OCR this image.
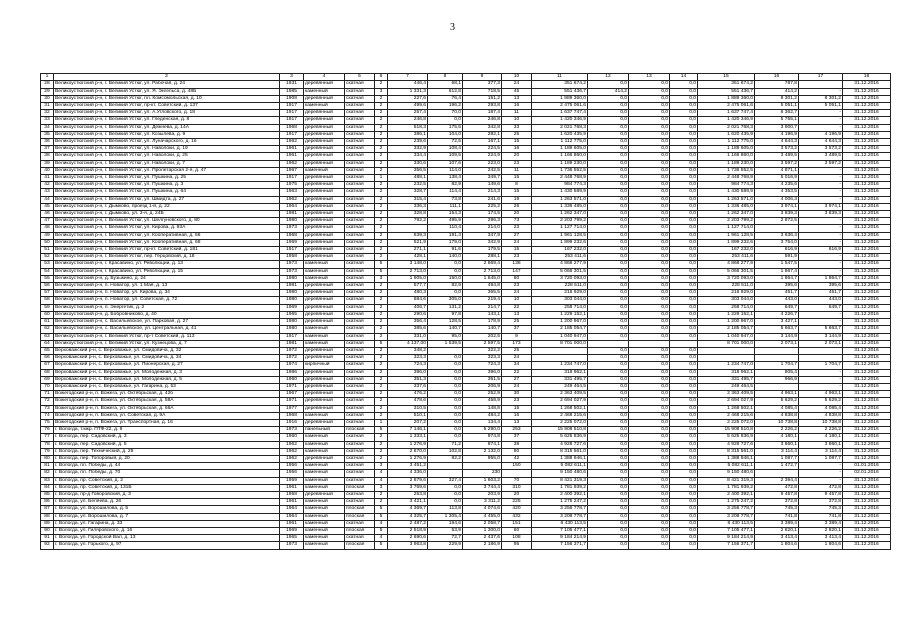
3
1	2	3	4	5	6	7	8	9	10	11	12	13	14	15	16	17	18
28	Великоустюгский р-н, г. Великий Устюг, ул. Рабочая, д. 24	1931	деревянный	скатная	2	446,4	68,1	377,3	24	351 674,2	0,0	0,0	0,0	351 674,2	787,8		31.12.2016
29	Великоустюгский р-н, г. Великий Устюг, ул. Я. Энгельса, д. 48Б	1985	каменный	скатная	3	1 331,3	612,8	718,5	45	551 436,7	414,2	0,0	0,0	551 436,7	414,2	-	31.12.2016
30	Великоустюгский р-н, г. Великий Устюг, пл. Комсомольская, д. 10	1908	деревянный	скатная	2	227,6	76,4	151,2	13	1 889 360,0	0,0	0,0	0,0	1 889 360,0	8 301,2	8 301,2	31.12.2016
31	Великоустюгский р-н, г. Великий Устюг, пр-кт. Советский, д. 137	1917	каменный	скатная	2	499,6	196,2	293,8	16	2 475 061,6	0,0	0,0	0,0	2 475 061,6	5 051,1	5 051,1	31.12.2016
32	Великоустюгский р-н, г. Великий Устюг, ул. А.Угловского, д. 18	1917	деревянный	скатная	2	257,4	70,0	187,4	11	1 637 747,4	0,0	0,0	0,0	1 637 747,4	6 362,7	-	31.12.2016
33	Великоустюгский р-н, г. Великий Устюг, ул. Гледенская, д. 8	1917	деревянный	скатная	2	246,8	0,0	246,8	10	1 420 346,9	0,0	0,0	0,0	1 420 346,9	5 755,1	-	31.12.2016
34	Великоустюгский р-н, г. Великий Устюг, ул. Дежнева, д. 14А	1968	деревянный	скатная	2	518,3	175,5	342,8	33	2 021 768,3	0,0	0,0	0,0	2 021 768,3	3 900,7	-	31.12.2016
35	Великоустюгский р-н, г. Великий Устюг, ул. Козылева, д. 9	1917	деревянный	скатная	2	386,1	104,0	282,1	25	1 620 435,9	0,0	0,0	0,0	1 620 435,9	4 196,9	4 196,9	31.12.2016
36	Великоустюгский р-н, г. Великий Устюг, ул. Луначарского, д. 16	1962	деревянный	скатная	2	239,6	72,5	167,1	15	1 112 775,0	0,0	0,0	0,0	1 112 775,0	4 644,3	4 644,3	31.12.2016
37	Великоустюгский р-н, г. Великий Устюг, ул. Наволоки, д. 19	1961	деревянный	скатная	2	332,9	108,4	224,5	16	1 189 605,0	0,0	0,0	0,0	1 189 605,0	3 573,2	3 573,2	31.12.2016
38	Великоустюгский р-н, г. Великий Устюг, ул. Наволоки, д. 25	1961	деревянный	скатная	2	334,4	109,5	224,9	20	1 166 860,0	0,0	0,0	0,0	1 166 860,0	3 489,5	3 489,5	31.12.2016
39	Великоустюгский р-н, г. Великий Устюг, ул. Наволоки, д. 7	1962	деревянный	скатная	2	330,6	107,6	223,0	23	1 189 230,0	0,0	0,0	0,0	1 189 230,0	3 597,2	3 597,2	31.12.2016
40	Великоустюгский р-н, г. Великий Устюг, ул. Пролетарская 2-я, д. 47	1967	каменный	скатная	2	356,5	114,0	242,5	11	1 736 552,5	0,0	0,0	0,0	1 736 552,5	4 871,1	-	31.12.2016
41	Великоустюгский р-н, г. Великий Устюг, ул. Пушкина, д. 25	1917	деревянный	скатная	1	488,1	138,4	349,7	15	2 448 768,9	0,0	0,0	0,0	2 448 768,9	5 016,9	-	31.12.2016
42	Великоустюгский р-н, г. Великий Устюг, ул. Пушкина, д. 3	1975	деревянный	скатная	2	232,5	82,9	149,6	8	984 774,3	0,0	0,0	0,0	984 774,3	4 235,6	-	31.12.2016
43	Великоустюгский р-н, г. Великий Устюг, ул. Пушкина, д. 64	1963	деревянный	скатная	2	328,7	114,4	214,3	15	1 430 589,9	0,0	0,0	0,0	1 430 589,9	4 353,5	-	31.12.2016
44	Великоустюгский р-н, г. Великий Устюг, ул. Шмидта, д. 27	1962	деревянный	скатная	2	315,4	73,8	241,6	19	1 263 571,0	0,0	0,0	0,0	1 263 571,0	4 006,3	-	31.12.2016
45	Великоустюгский р-н, г. Дымково, проезд 1-й, д. 22	1964	деревянный	скатная	2	336,3	111,1	225,2	26	1 336 485,0	0,0	0,0	0,0	1 336 485,0	3 974,1	3 974,1	31.12.2016
46	Великоустюгский р-н, г. Дымково, ул. 3-я, д. 24Б	1981	деревянный	скатная	2	328,8	154,3	174,5	20	1 262 347,0	0,0	0,0	0,0	1 262 347,0	3 839,3	3 839,3	31.12.2016
47	Великоустюгский р-н, г. Великий Устюг, ул. Шелгуновского, д. 80	1980	деревянный	скатная	2	792,2	495,9	296,3	73	2 203 799,2	0,0	0,0	0,0	2 203 799,2	2 872,5	-	31.12.2016
48	Великоустюгский р-н, г. Великий Устюг, ул. Кирова, д. 93А	1973	деревянный	скатная	2		110,4	214,0	23	1 127 714,0	0,0	0,0	0,0	1 127 714,0		-	31.12.2016
49	Великоустюгский р-н, г. Великий Устюг, ул. Кооперативная, д. 56	1968	деревянный	скатная	2	539,3	191,4	347,9	27	1 961 128,5	0,0	0,0	0,0	1 961 128,5	3 636,4	-	31.12.2016
50	Великоустюгский р-н, г. Великий Устюг, ул. Кооперативная, д. 68	1969	деревянный	скатная	2	521,9	179,0	342,9	24	1 899 232,6	0,0	0,0	0,0	1 899 232,6	3 754,0	-	31.12.2016
51	Великоустюгский р-н, г. Великий Устюг, пр-кт. Советский, д. 181	1917	деревянный	скатная	2	271,1	91,6	179,5	15	167 232,0	0,0	0,0	0,0	167 232,0	616,9	616,9	31.12.2016
52	Великоустюгский р-н, г. Великий Устюг, пер. Герцовский, д. 18	1958	деревянный	скатная	2	428,1	140,0	288,1	23	253 411,6	0,0	0,0	0,0	253 411,6	591,9	-	31.12.2016
53	Великоустюгский р-н, г. Красавино, ул. Революции, д. 13	1973	каменный	скатная	5	3 148,0	0,0	2 869,4	138	4 868 277,9	0,0	0,0	0,0	4 868 277,9	1 547,5	-	31.12.2016
54	Великоустюгский р-н, г. Красавино, ул. Революции, д. 15	1973	каменный	скатная	5	2 713,0	0,0	2 713,0	147	5 066 301,5	0,0	0,0	0,0	5 066 301,5	1 867,4	-	31.12.2016
55	Великоустюгский р-н, д. Бузыкино, д. 24	1980	каменный	скатная	3	1 905,0	150,0	1 645,0	80	3 720 093,0	0,0	0,0	0,0	3 720 093,0	1 864,7	1 864,7	31.12.2016
56	Великоустюгский р-н, п. Новатор, ул. 1 Мая, д. 13	1981	деревянный	скатная	2	577,7	82,9	494,8	23	228 511,0	0,0	0,0	0,0	228 511,0	395,6	395,6	31.12.2016
57	Великоустюгский р-н, п. Новатор, ул. Кирова, д. 34	1980	деревянный	скатная	2	480,3	0,0	365,5	24	216 929,0	0,0	0,0	0,0	216 929,0	451,7	451,7	31.12.2016
58	Великоустюгский р-н, п. Новатор, ул. Советская, д. 72	1980	деревянный	скатная	2	684,6	305,0	219,4	10	303 044,0	0,0	0,0	0,0	303 044,0	443,0	443,0	31.12.2016
59	Великоустюгский р-н, п. Энергетик, д. 2	1969	деревянный	скатная	2	406,7	131,2	214,7	22	258 714,0	0,0	0,0	0,0	258 714,0	649,7	649,7	31.12.2016
60	Великоустюгский р-н, д. Бобровниково, д. 40	1965	деревянный	скатная	2	290,6	97,8	143,1	13	1 229 152,1	0,0	0,0	0,0	1 229 152,1	4 226,7	-	31.12.2016
61	Великоустюгский р-н, с. Васильевское, ул. Парковая, д. 27	1980	деревянный	скатная	2	356,4	128,5	178,9	25	1 200 967,0	0,0	0,0	0,0	1 200 967,0	3 427,1	-	31.12.2016
62	Великоустюгский р-н, с. Васильевское, ул. Центральная, д. 41	1980	каменный	скатная	2	385,6	140,7	140,7	37	2 185 054,7	0,0	0,0	0,0	2 185 054,7	5 663,7	5 663,7	31.12.2016
63	Великоустюгский р-н, г. Великий Устюг, пр-т Советский, д. 113	1917	каменный	скатная	2	331,0	95,0	202,5	9	1 040 947,0	0,0	0,0	0,0	1 040 947,0	3 144,9	3 144,9	31.12.2016
64	Великоустюгский р-н, г. Великий Устюг, ул. Кузнецова, д. 7	1981	каменный	скатная	5	4 137,00	1 539,5	2 597,5	173	8 701 000,0				8 701 000,0	2 073,1	2 073,1	31.12.2016
65	Верховажский р-н, с. Верховажье, ул. Смидовича, д. 32	1972	деревянный	скатная	2	348,2		322,2	25		0,0	0,0	0,0				31.12.2016
66	Верховажский р-н, с. Верховажье, ул. Смидовича, д. 34	1972	деревянный	скатная	2	323,3	0,0	323,3	24		0,0	0,0	0,0				31.12.2016
67	Верховажский р-н, с. Верховажье, ул. Пионерская, д. 27	1974	кирпичный	скатная	2	724,3	0,0	724,3	34	1 234 747,0	0,0	0,0	0,0	1 234 747,0	1 704,7	1 704,7	31.12.2016
68	Верховажский р-н, с. Верховажье, ул. Молодежная, д. 3	1986	деревянный	скатная	2	396,0	0,0	396,0	22	318 962,1	0,0	0,0	0,0	318 962,1	805,4	-	31.12.2016
69	Верховажский р-н, с. Верховажье, ул. Молодежная, д. 5	1960	деревянный	скатная	2	351,3	0,0	351,5	27	331 495,7	0,0	0,0	0,0	331 495,7	966,9	-	31.12.2016
70	Верховажский р-н, с. Верховажье, ул. Гагарина, д. 53	1971	деревянный	скатная	2	337,6	0,0	206,9	24	249 464,5	0,0	0,0	0,0	249 464,5		-	31.12.2016
71	Вожегодский р-н, п. Вожега, ул. Октябрьская, д. 42б	1967	деревянный	скатная	2	476,2	0,0	252,9	30	2 363 409,5	0,0	0,0	0,0	2 363 409,5	4 963,1	4 963,1	31.12.2016
72	Вожегодский р-н, п. Вожега, ул. Октябрьская, д. 58А	1971	деревянный	скатная	2	478,6	0,0	458,9	23	2 694 027,9	0,0	0,0	0,0	2 694 027,9	5 629,2	5 629,2	31.12.2016
73	Вожегодский р-н, п. Вожега, ул. Октябрьская, д. 66А	1977	деревянный	скатная	2	310,5	0,0	148,8	15	1 268 502,1	0,0	0,0	0,0	1 268 502,1	4 085,4	4 085,4	31.12.2016
74	Вожегодский р-н, п. Вожега, ул. Советская, д. 9А	1968	каменный	скатная	2	510,1	0,0	484,2	16	2 468 215,6	0,0	0,0	0,0	2 468 215,6	4 838,8	4 838,8	31.12.2016
75	Вожегодский р-н, п. Вожега, ул. Транспортная, д. 16	1916	деревянный	скатная	1	207,2	0,0	134,4	13	2 225 072,0	0,0	0,0	0,0	2 225 072,0	10 738,8	10 738,8	31.12.2016
76	г. Вологда, т.мкр. ПТФ-22, д. 9	1973	панельный	плоская	5	7 146,1	0,0	5 290,0	253	15 908 510,8	0,0	0,0	0,0	15 908 510,8	2 226,2	2 226,2	31.12.2016
77	г. Вологда, пер. Садовский, д. 3	1960	каменный	скатная	2	1 333,1	0,0	974,8	37	5 625 836,9	0,0	0,0	0,0	5 625 836,9	4 180,1	4 180,1	31.12.2016
78	г. Вологда, пер. Садовский, д. 5	1962	каменный	скатная	2	1 276,9	71,2	874,1	38	4 928 727,6	0,0	0,0	0,0	4 928 727,6	3 860,1	3 860,1	31.12.2016
79	г. Вологда, пер. Технический, д. 29	1962	каменный	скатная	2	2 670,0	102,8	2 132,0	80	8 315 561,0	0,0	0,0	0,0	8 315 561,0	3 114,4	3 114,4	31.12.2016
80	г. Вологда, пер. Топоровый, д. 20	1962	деревянный	скатная	2	1 276,9	82,2	955,0	42	1 388 946,1	0,0	0,0	0,0	1 388 946,1	1 087,7	1 087,7	31.12.2016
81	г. Вологда, пл. Победы, д. 44	1956	каменный	скатная	3	3 451,2			150	5 082 611,1	0,0	0,0	0,0	5 082 611,1	1 472,7	-	01.01.2016
82	г. Вологда, пл. Победы, д. 70	1956	каменный	скатная	4	4 336,0		230		9 150 480,6	0,0	0,0	0,0	9 150 480,6		-	02.01.2016
83	г. Вологда, пр. Советский, д. 2	1959	каменный	скатная	4	2 679,6	327,4	1 603,2	70	8 421 319,3	0,0	0,0	0,0	8 421 319,3	2 394,4	-	31.12.2016
84	г. Вологда, пр. Советский, д. 131Б	1961	каменный	плоская	3	3 769,6	0,0	3 744,4	310	1 781 939,2	0,0	0,0	0,0	1 781 939,2	472,8	472,8	31.12.2016
85	г. Вологда, пр-д Говоровский, д. 3	1958	деревянный	скатная	2	253,8	0,0	203,9	20	2 400 392,1	0,0	0,0	0,0	2 400 392,1	9 457,8	9 457,8	31.12.2016
86	г. Вологда, ул. Беляева, д. 26	1961	каменный	скатная	2	3 421,1	0,0	3 311,2	225	1 275 247,2	0,0	0,0	0,0	1 275 247,2	372,8	372,8	31.12.2016
87	г. Вологда, ул. Ворошилова, д. 5	1964	каменный	плоская	5	4 369,7	113,8	4 074,6	420	3 256 778,7	0,0	0,0	0,0	3 256 778,7	745,3	745,3	31.12.2016
88	г. Вологда, ул. Ворошилова, д. 7	1964	каменный	плоская	5	4 325,7	1 305,4	4 455,0	432	3 208 778,7	0,0	0,0	0,0	3 208 778,7	741,8	741,8	31.12.2016
89	г. Вологда, ул. Гагарина, д. 33	1961	каменный	скатная	4	2 487,2	194,6	2 058,7	151	8 430 113,5	0,0	0,0	0,0	8 430 113,5	3 389,4	3 389,4	31.12.2016
90	г. Вологда, ул. Гиляровского, д. 16	1969	каменный	плоская	5	2 518,9	53,9	1 300,0	60	7 105 477,1	0,0	0,0	0,0	7 105 477,1	2 820,1	2 820,1	31.12.2016
91	г. Вологда, ул. Городской Вал, д. 13	1965	каменный	скатная	4	2 690,6	72,7	2 437,6	108	9 184 214,9	0,0	0,0	0,0	9 184 214,9	3 413,4	3 413,4	31.12.2016
92	г. Вологда, ул. Горького, д. 97	1973	каменный	плоская	5	3 963,8	229,9	2 186,9	95	7 156 371,7	0,0	0,0	0,0	7 156 371,7	1 804,6	1 804,6	31.12.2016
